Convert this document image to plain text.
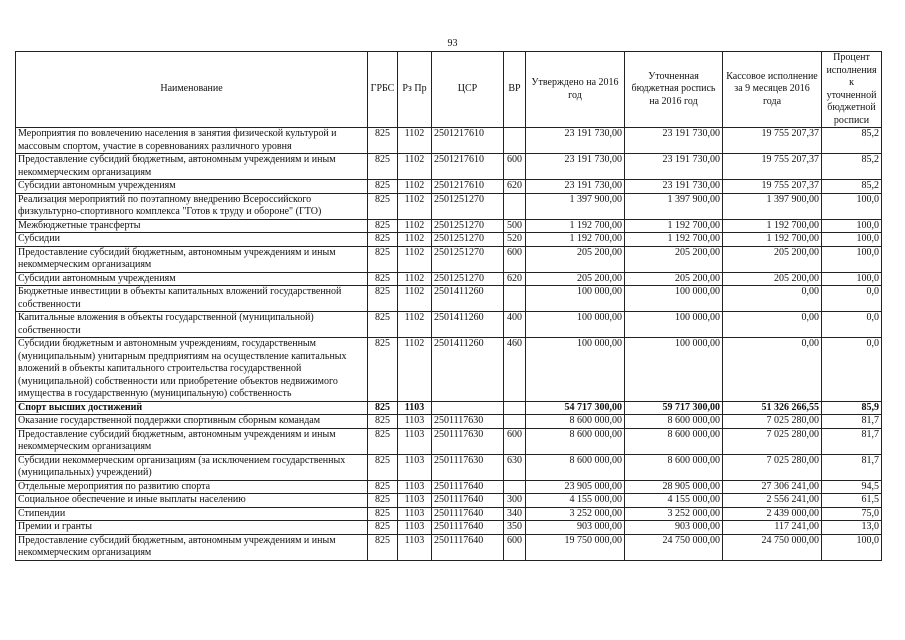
93
Наименование	ГРБС	Рз Пр	ЦСР	ВР	Утверждено на 2016 год	Уточненная бюджетная роспись на 2016 год	Кассовое исполнение за 9 месяцев 2016 года	Процент исполнения к уточненной бюджетной росписи
Мероприятия по вовлечению населения в занятия физической культурой и массовым спортом, участие в соревнованиях различного уровня	825	1102	2501217610		23 191 730,00	23 191 730,00	19 755 207,37	85,2
Предоставление субсидий бюджетным, автономным учреждениям и иным некоммерческим организациям	825	1102	2501217610	600	23 191 730,00	23 191 730,00	19 755 207,37	85,2
Субсидии автономным учреждениям	825	1102	2501217610	620	23 191 730,00	23 191 730,00	19 755 207,37	85,2
Реализация мероприятий по поэтапному внедрению Всероссийского физкультурно-спортивного комплекса "Готов к труду и обороне" (ГТО)	825	1102	2501251270		1 397 900,00	1 397 900,00	1 397 900,00	100,0
Межбюджетные трансферты	825	1102	2501251270	500	1 192 700,00	1 192 700,00	1 192 700,00	100,0
Субсидии	825	1102	2501251270	520	1 192 700,00	1 192 700,00	1 192 700,00	100,0
Предоставление субсидий бюджетным, автономным учреждениям и иным некоммерческим организациям	825	1102	2501251270	600	205 200,00	205 200,00	205 200,00	100,0
Субсидии автономным учреждениям	825	1102	2501251270	620	205 200,00	205 200,00	205 200,00	100,0
Бюджетные инвестиции в объекты капитальных вложений государственной собственности	825	1102	2501411260		100 000,00	100 000,00	0,00	0,0
Капитальные вложения в объекты государственной (муниципальной) собственности	825	1102	2501411260	400	100 000,00	100 000,00	0,00	0,0
Субсидии бюджетным и автономным учреждениям, государственным (муниципальным) унитарным предприятиям на осуществление капитальных вложений в объекты капитального строительства государственной (муниципальной) собственности или приобретение объектов недвижимого имущества в государственную (муниципальную) собственность	825	1102	2501411260	460	100 000,00	100 000,00	0,00	0,0
Спорт высших достижений	825	1103			54 717 300,00	59 717 300,00	51 326 266,55	85,9
Оказание государственной поддержки спортивным сборным командам	825	1103	2501117630		8 600 000,00	8 600 000,00	7 025 280,00	81,7
Предоставление субсидий бюджетным, автономным учреждениям и иным некоммерческим организациям	825	1103	2501117630	600	8 600 000,00	8 600 000,00	7 025 280,00	81,7
Субсидии некоммерческим организациям (за исключением государственных (муниципальных) учреждений)	825	1103	2501117630	630	8 600 000,00	8 600 000,00	7 025 280,00	81,7
Отдельные мероприятия по развитию спорта	825	1103	2501117640		23 905 000,00	28 905 000,00	27 306 241,00	94,5
Социальное обеспечение и иные выплаты населению	825	1103	2501117640	300	4 155 000,00	4 155 000,00	2 556 241,00	61,5
Стипендии	825	1103	2501117640	340	3 252 000,00	3 252 000,00	2 439 000,00	75,0
Премии и гранты	825	1103	2501117640	350	903 000,00	903 000,00	117 241,00	13,0
Предоставление субсидий бюджетным, автономным учреждениям и иным некоммерческим организациям	825	1103	2501117640	600	19 750 000,00	24 750 000,00	24 750 000,00	100,0
